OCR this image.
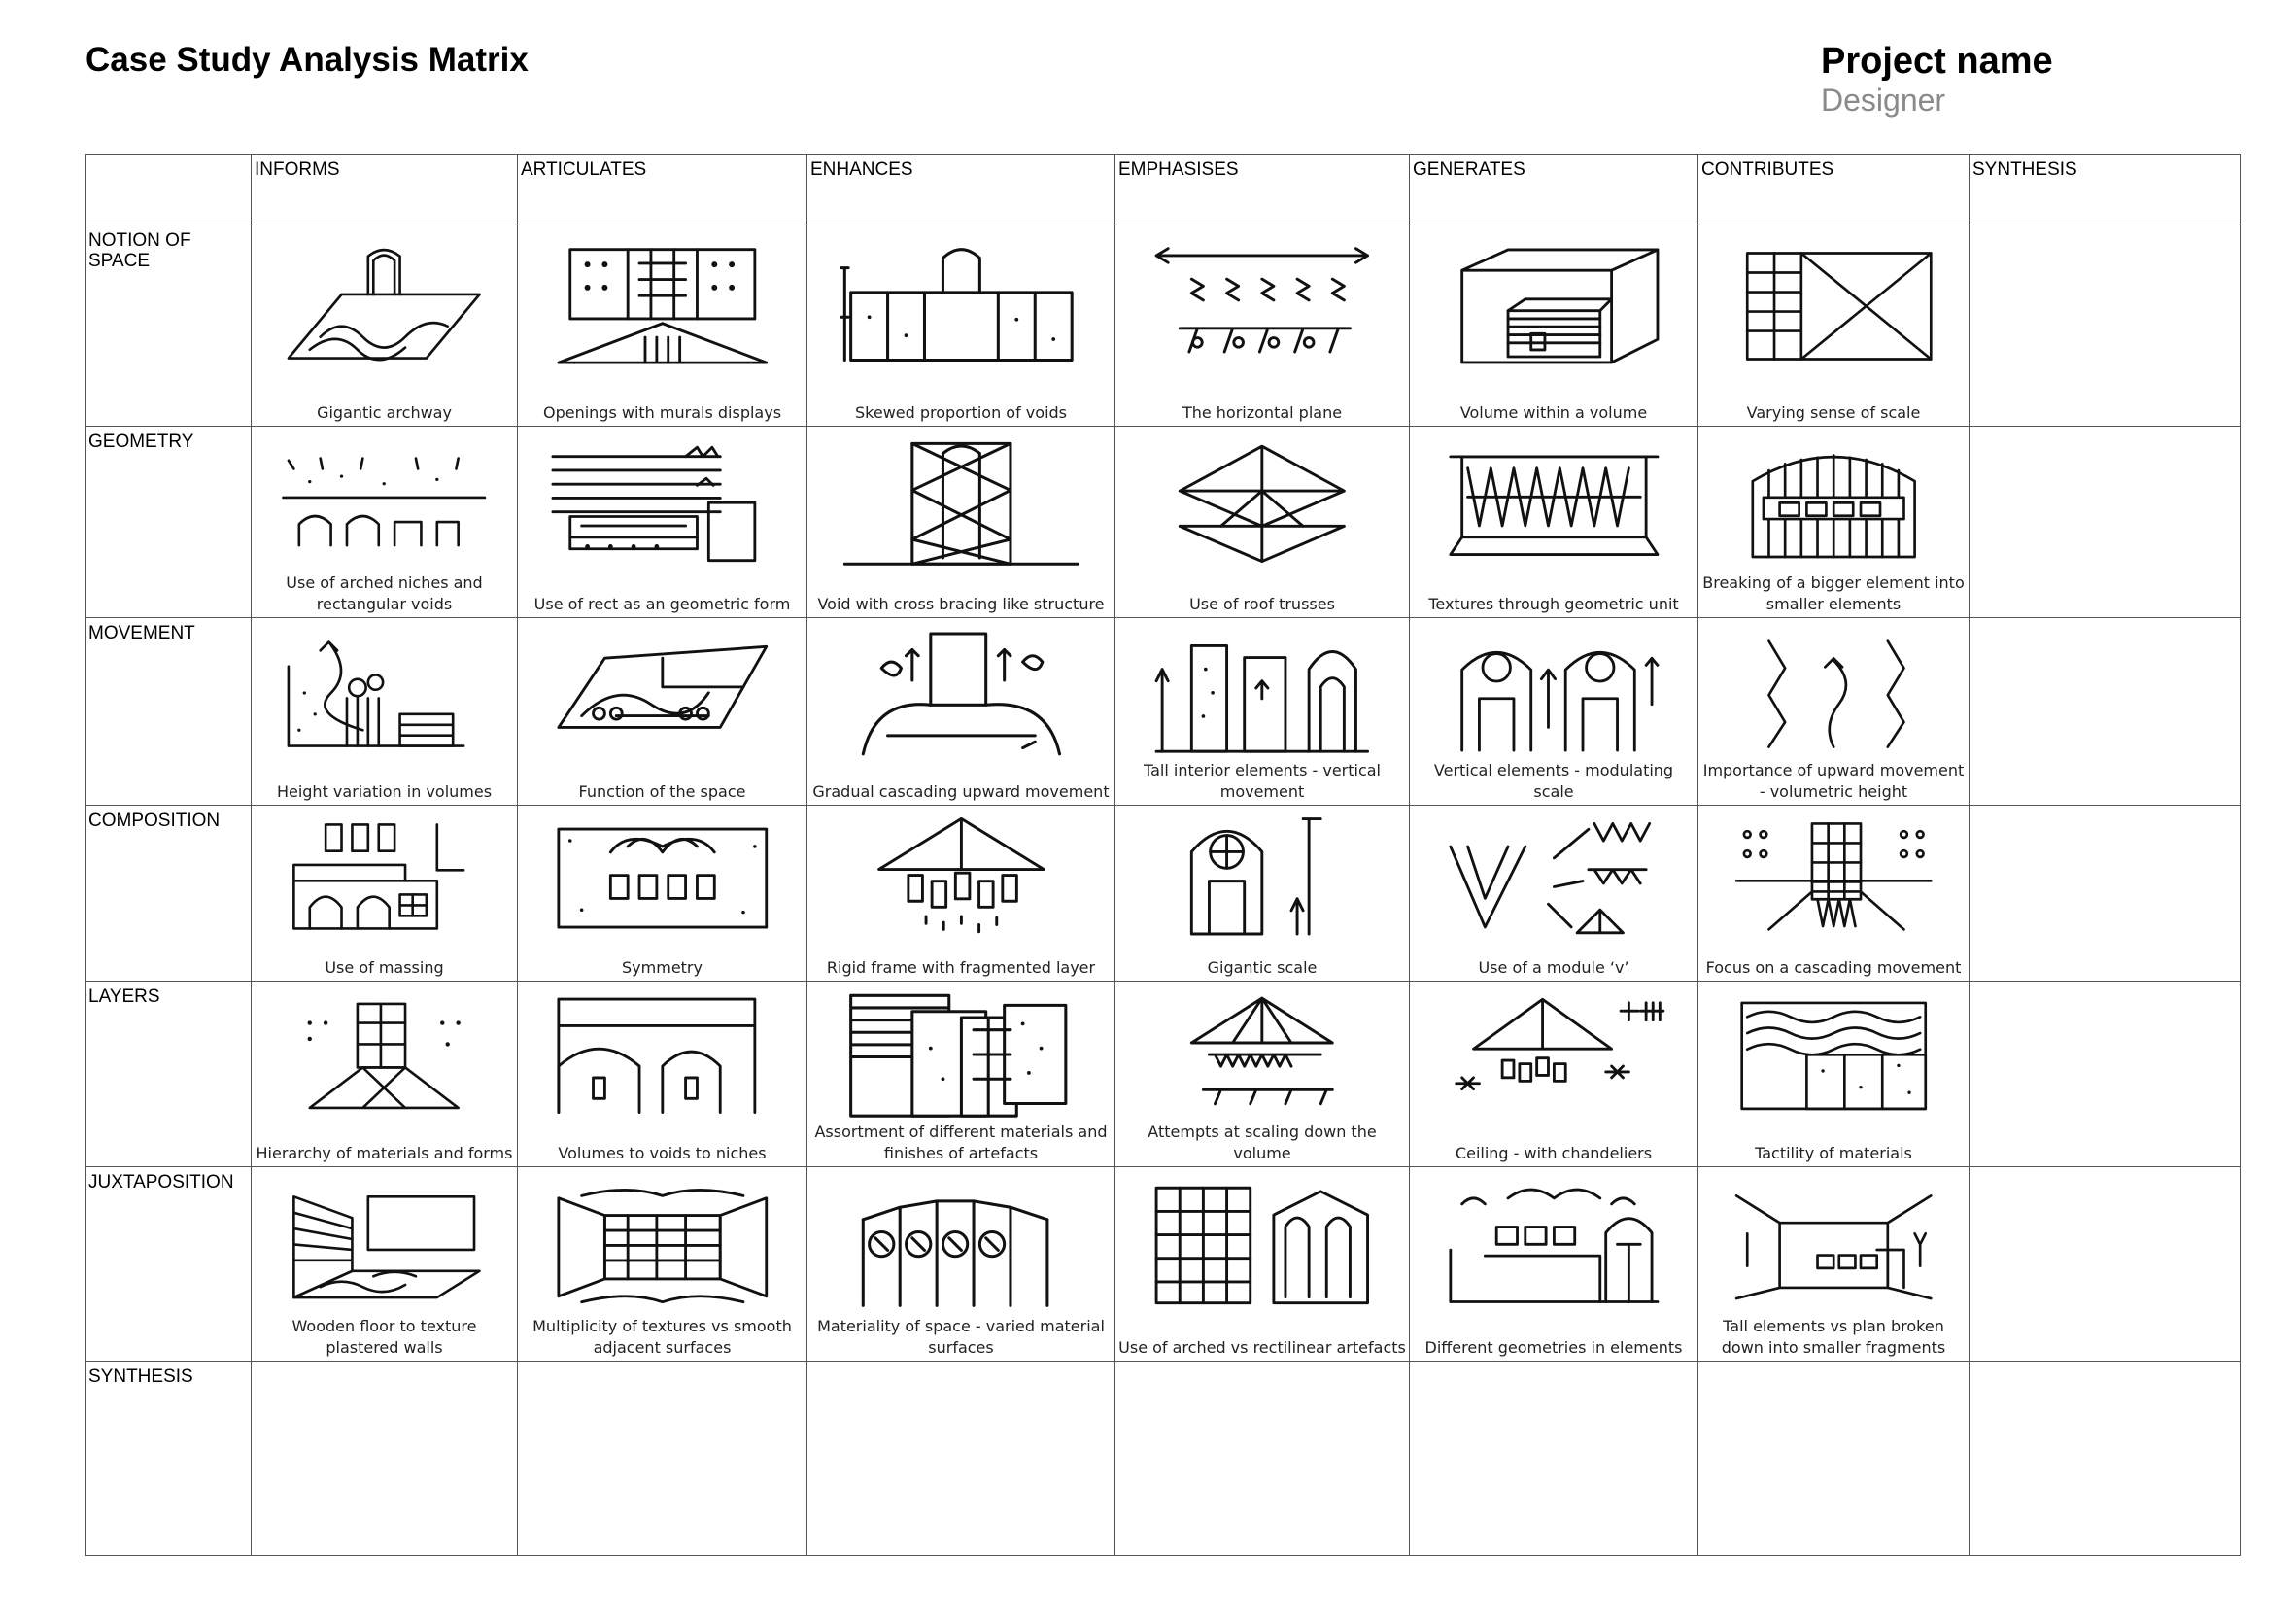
Case Study Analysis Matrix	Project name
Designer
	INFORMS	ARTICULATES	ENHANCES	EMPHASISES	GENERATES	CONTRIBUTES	SYNTHESIS
NOTION OF SPACE	Gigantic archway	Openings with murals displays	Skewed proportion of voids	The horizontal plane	Volume within a volume	Varying sense of scale	

GEOMETRY	Use of arched niches and rectangular voids	Use of rect as an geometric form	Void with cross bracing like structure	Use of roof trusses	Textures through geometric unit	Breaking of a bigger element into smaller elements	

MOVEMENT	Height variation in volumes	Function of the space	Gradual cascading upward movement	Tall interior elements - vertical movement	Vertical elements - modulating scale	Importance of upward movement - volumetric height	

COMPOSITION	Use of massing	Symmetry	Rigid frame with fragmented layer	Gigantic scale	Use of a module ‘v’	Focus on a cascading movement	

LAYERS	Hierarchy of materials and forms	Volumes to voids to niches	Assortment of different materials and finishes of artefacts	Attempts at scaling down the volume	Ceiling - with chandeliers	Tactility of materials	

JUXTAPOSITION	Wooden floor to texture plastered walls	Multiplicity of textures vs smooth adjacent surfaces	Materiality of space - varied material surfaces	Use of arched vs rectilinear artefacts	Different geometries in elements	Tall elements vs plan broken down into smaller fragments	

SYNTHESIS	
